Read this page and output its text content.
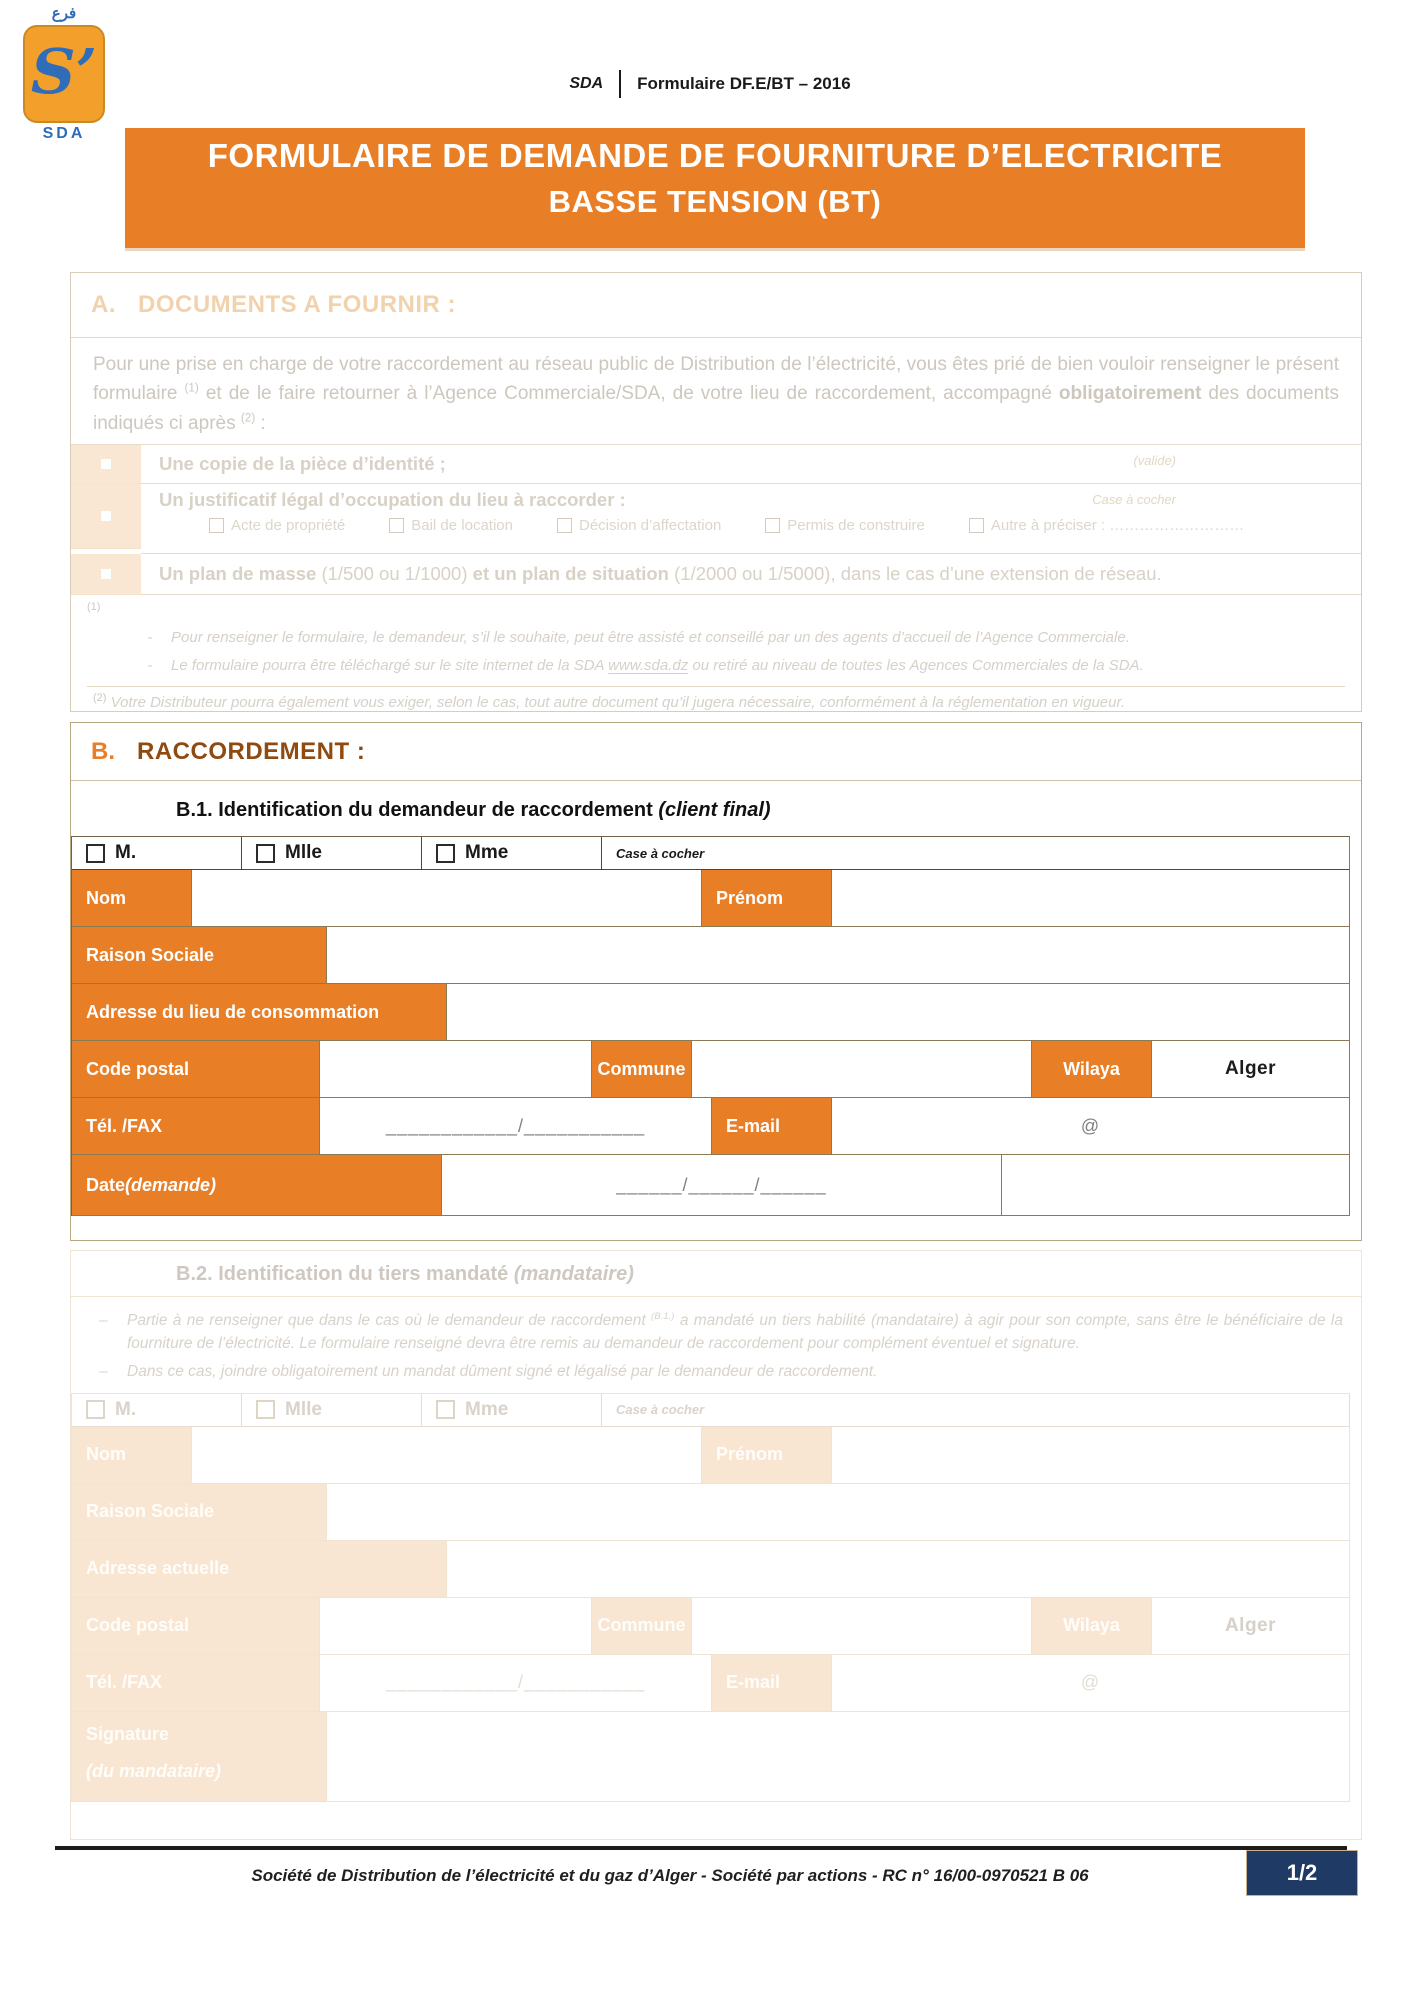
فرع
S’
SDA
SDA Formulaire DF.E/BT – 2016
FORMULAIRE DE DEMANDE DE FOURNITURE D’ELECTRICITE
BASSE TENSION (BT)
A. DOCUMENTS A FOURNIR :
Pour une prise en charge de votre raccordement au réseau public de Distribution de l’électricité, vous êtes prié de bien vouloir renseigner le présent formulaire $^{(1)}$ et de le faire retourner à l’Agence Commerciale/SDA, de votre lieu de raccordement, accompagné obligatoirement des documents indiqués ci après $^{(2)}$ :
Une copie de la pièce d’identité ;	(valide)
Un justificatif légal d’occupation du lieu à raccorder :	Case à cocher
Acte de propriété	Bail de location	Décision d’affectation	Permis de construire	Autre à préciser : ………………………
Un plan de masse (1/500 ou 1/1000) et un plan de situation (1/2000 ou 1/5000), dans le cas d’une extension de réseau.
$^{(1)}$
-	Pour renseigner le formulaire, le demandeur, s’il le souhaite, peut être assisté et conseillé par un des agents d’accueil de l’Agence Commerciale.
-	Le formulaire pourra être téléchargé sur le site internet de la SDA www.sda.dz ou retiré au niveau de toutes les Agences Commerciales de la SDA.
$^{(2)}$ Votre Distributeur pourra également vous exiger, selon le cas, tout autre document qu’il jugera nécessaire, conformément à la réglementation en vigueur.
B. RACCORDEMENT :
B.1. Identification du demandeur de raccordement (client final)
M.	Mlle	Mme	Case à cocher
Nom	Prénom
Raison Sociale
Adresse du lieu de consommation
Code postal	Commune	Wilaya	Alger
Tél. /FAX	____________/___________	E-mail	@
Date (demande)	______/______/______
B.2. Identification du tiers mandaté (mandataire)
– Partie à ne renseigner que dans le cas où le demandeur de raccordement $^{(B.1.)}$ a mandaté un tiers habilité (mandataire) à agir pour son compte, sans être le bénéficiaire de la fourniture de l’électricité. Le formulaire renseigné devra être remis au demandeur de raccordement pour complément éventuel et signature.
– Dans ce cas, joindre obligatoirement un mandat dûment signé et légalisé par le demandeur de raccordement.
M.	Mlle	Mme	Case à cocher
Nom	Prénom
Raison Sociale
Adresse actuelle
Code postal	Commune	Wilaya	Alger
Tél. /FAX	____________/___________	E-mail	@
Signature
(du mandataire)
Société de Distribution de l’électricité et du gaz d’Alger - Société par actions - RC n° 16/00-0970521 B 06	1/2
